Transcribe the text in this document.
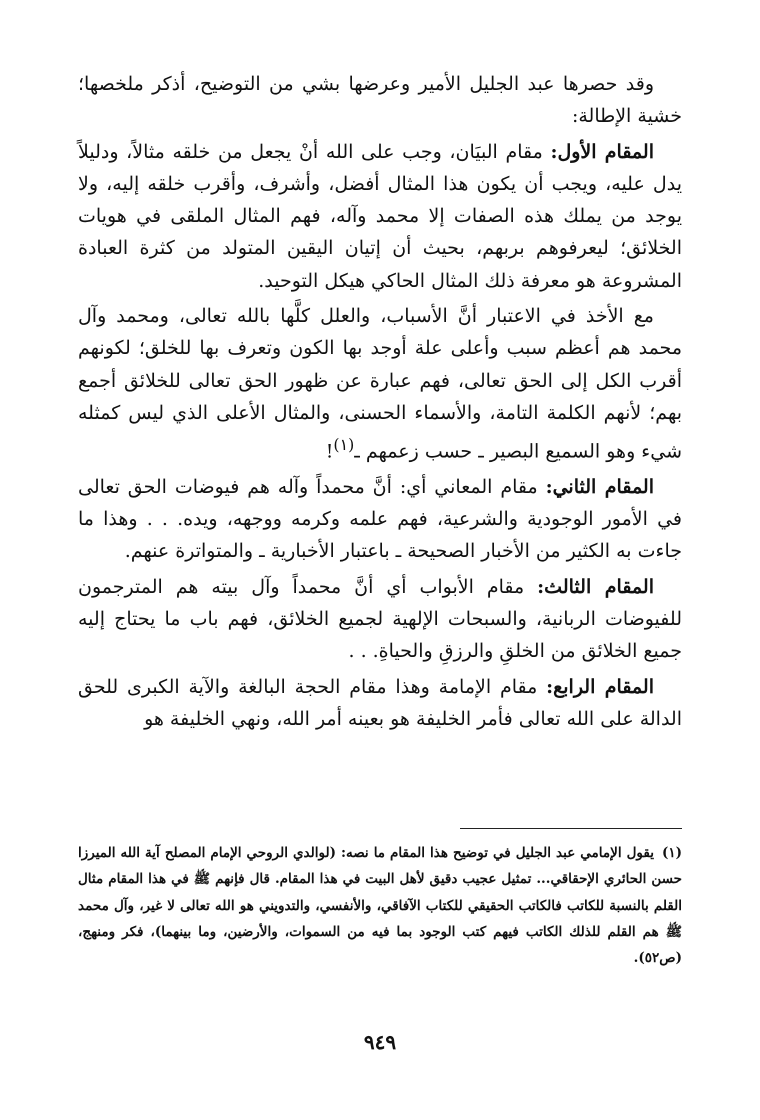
وقد حصرها عبد الجليل الأمير وعرضها بشي من التوضيح، أذكر ملخصها؛ خشية الإطالة:

المقام الأول: مقام البيَان، وجب على الله أنْ يجعل من خلقه مثالاً، ودليلاً يدل عليه، ويجب أن يكون هذا المثال أفضل، وأشرف، وأقرب خلقه إليه، ولا يوجد من يملك هذه الصفات إلا محمد وآله، فهم المثال الملقى في هويات الخلائق؛ ليعرفوهم بربهم، بحيث أن إتيان اليقين المتولد من كثرة العبادة المشروعة هو معرفة ذلك المثال الحاكي هيكل التوحيد.

مع الأخذ في الاعتبار أنَّ الأسباب، والعلل كلَّها بالله تعالى، ومحمد وآل محمد هم أعظم سبب وأعلى علة أوجد بها الكون وتعرف بها للخلق؛ لكونهم أقرب الكل إلى الحق تعالى، فهم عبارة عن ظهور الحق تعالى للخلائق أجمع بهم؛ لأنهم الكلمة التامة، والأسماء الحسنى، والمثال الأعلى الذي ليس كمثله شيء وهو السميع البصير ـ حسب زعمهم ـ$^{(١)}$!

المقام الثاني: مقام المعاني أي: أنَّ محمداً وآله هم فيوضات الحق تعالى في الأمور الوجودية والشرعية، فهم علمه وكرمه ووجهه، ويده. . . وهذا ما جاءت به الكثير من الأخبار الصحيحة ـ باعتبار الأخبارية ـ والمتواترة عنهم.

المقام الثالث: مقام الأبواب أي أنَّ محمداً وآل بيته هم المترجمون للفيوضات الربانية، والسبحات الإلهية لجميع الخلائق، فهم باب ما يحتاج إليه جميع الخلائق من الخلقِ والرزقِ والحياةِ. . .

المقام الرابع: مقام الإمامة وهذا مقام الحجة البالغة والآية الكبرى للحق الدالة على الله تعالى فأمر الخليفة هو بعينه أمر الله، ونهي الخليفة هو

(١)يقول الإمامي عبد الجليل في توضيح هذا المقام ما نصه: (لوالدي الروحي الإمام المصلح آية الله الميرزا حسن الحائري الإحقاقي... تمثيل عجيب دقيق لأهل البيت في هذا المقام. قال فإنهم ﷺ في هذا المقام مثال القلم بالنسبة للكاتب فالكاتب الحقيقي للكتاب الآفاقي، والأنفسي، والتدويني هو الله تعالى لا غير، وآل محمد ﷺ هم القلم للذلك الكاتب فيهم كتب الوجود بما فيه من السموات، والأرضين، وما بينهما)، فكر ومنهج، (ص٥٢).
٩٤٩
